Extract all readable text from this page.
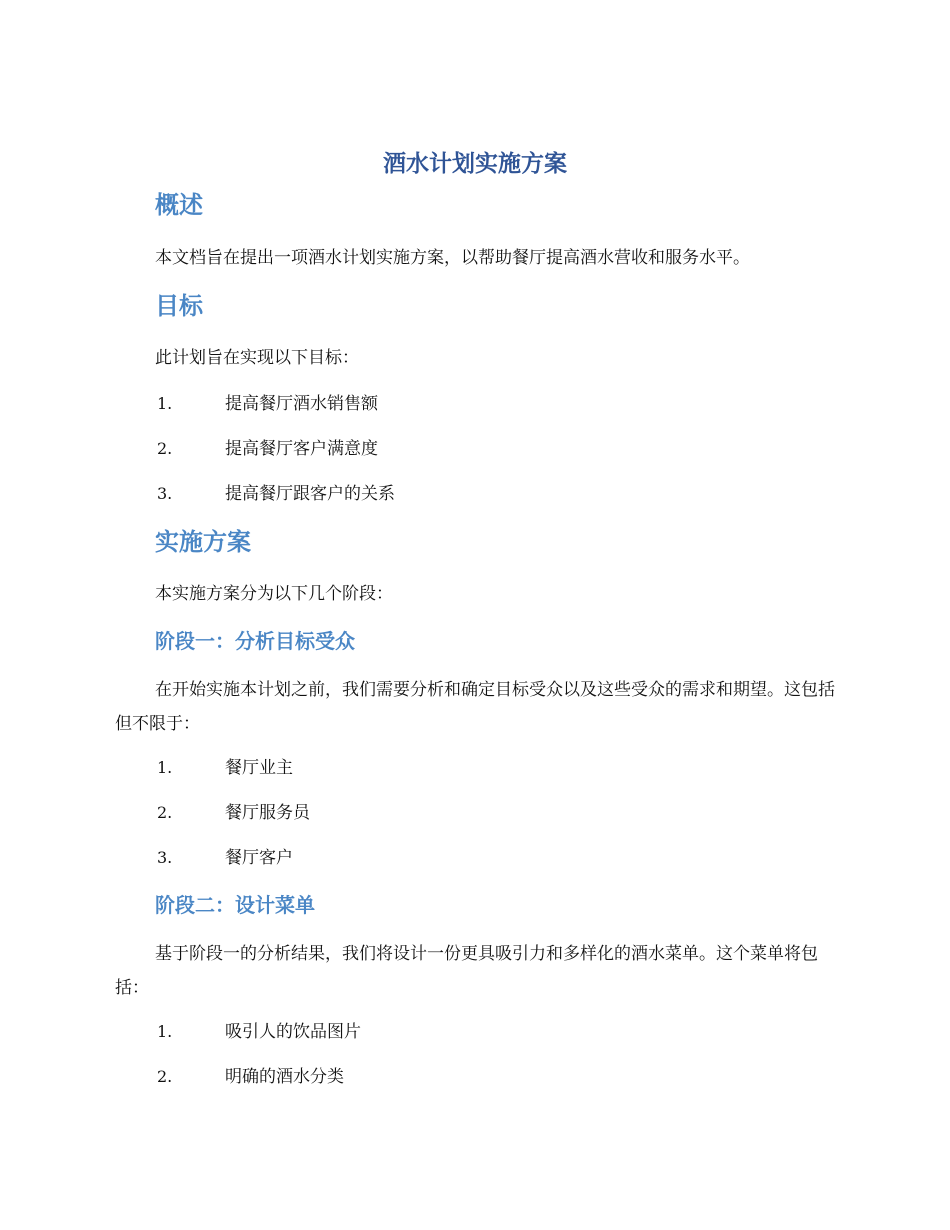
酒水计划实施方案
概述
本文档旨在提出一项酒水计划实施方案，以帮助餐厅提高酒水营收和服务水平。
目标
此计划旨在实现以下目标：
1.	提高餐厅酒水销售额
2.	提高餐厅客户满意度
3.	提高餐厅跟客户的关系
实施方案
本实施方案分为以下几个阶段：
阶段一：分析目标受众
在开始实施本计划之前，我们需要分析和确定目标受众以及这些受众的需求和期望。这包括但不限于：
1.	餐厅业主
2.	餐厅服务员
3.	餐厅客户
阶段二：设计菜单
基于阶段一的分析结果，我们将设计一份更具吸引力和多样化的酒水菜单。这个菜单将包括：
1.	吸引人的饮品图片
2.	明确的酒水分类
